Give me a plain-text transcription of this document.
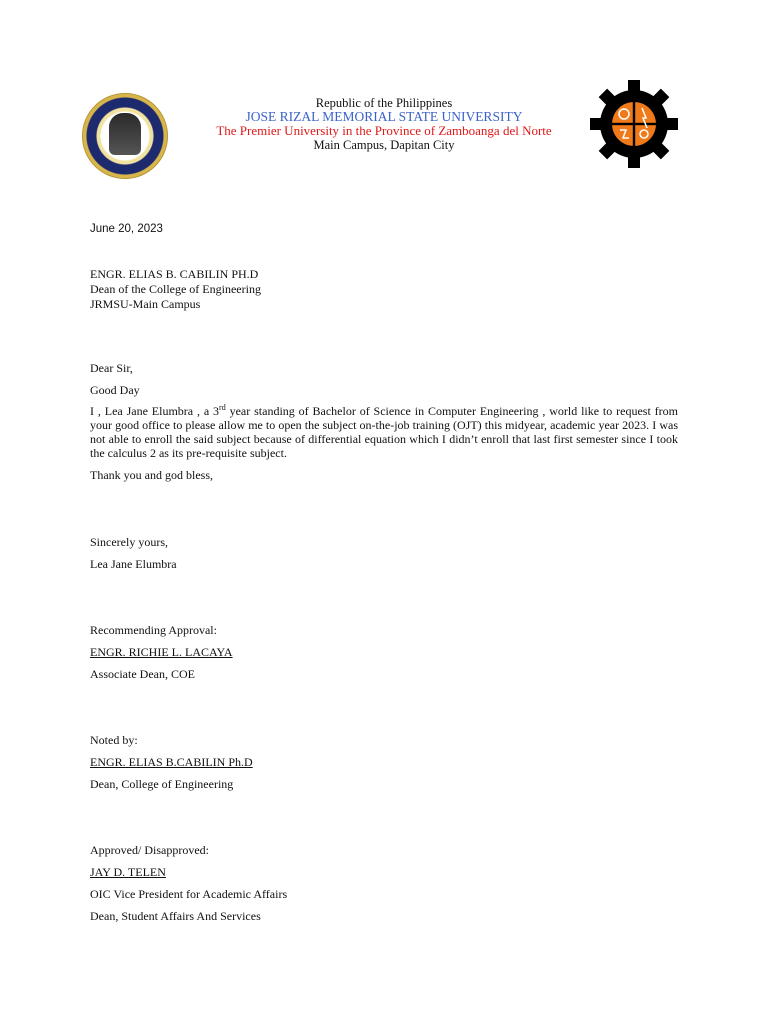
Republic of the Philippines
JOSE RIZAL MEMORIAL STATE UNIVERSITY
The Premier University in the Province of Zamboanga del Norte
Main Campus, Dapitan City
June 20, 2023
ENGR. ELIAS B. CABILIN PH.D
Dean of the College of Engineering
JRMSU-Main Campus
Dear Sir,
Good Day
I , Lea Jane Elumbra , a 3rd year standing of Bachelor of Science in Computer Engineering , world like to request from your good office to please allow me to open the subject on-the-job training (OJT) this midyear, academic year 2023. I was not able to enroll the said subject because of differential equation which I didn’t enroll that last first semester since I took the calculus 2 as its pre-requisite subject.
Thank you and god bless,
Sincerely yours,
Lea Jane Elumbra
Recommending Approval:
ENGR. RICHIE L. LACAYA
Associate Dean, COE
Noted by:
ENGR. ELIAS B.CABILIN Ph.D
Dean, College of Engineering
Approved/ Disapproved:
JAY D. TELEN
OIC Vice President for Academic Affairs
Dean, Student Affairs And Services
